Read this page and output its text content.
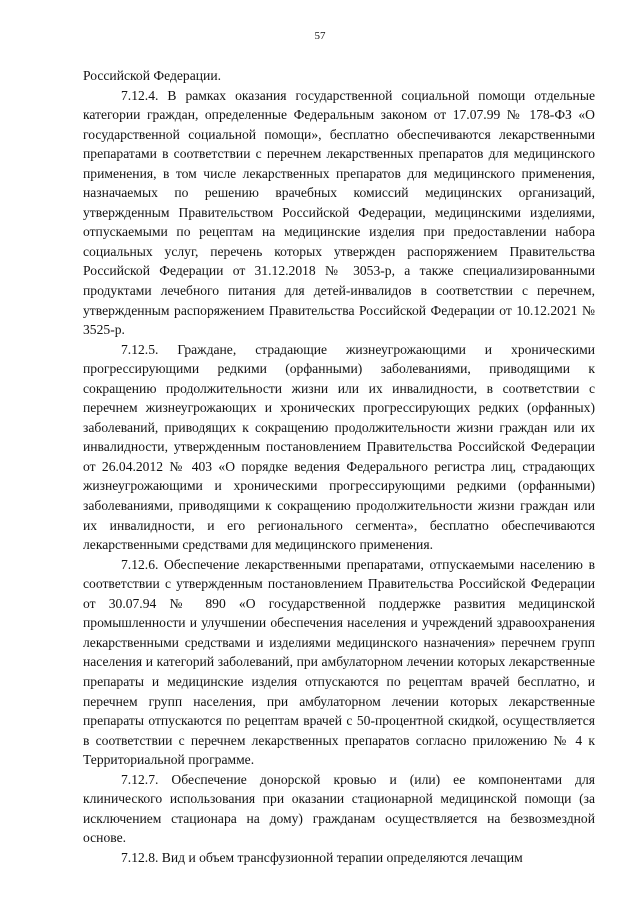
57

Российской Федерации.

7.12.4. В рамках оказания государственной социальной помощи отдельные категории граждан, определенные Федеральным законом от 17.07.99 № 178-ФЗ «О государственной социальной помощи», бесплатно обеспечиваются лекарственными препаратами в соответствии с перечнем лекарственных препаратов для медицинского применения, в том числе лекарственных препаратов для медицинского применения, назначаемых по решению врачебных комиссий медицинских организаций, утвержденным Правительством Российской Федерации, медицинскими изделиями, отпускаемыми по рецептам на медицинские изделия при предоставлении набора социальных услуг, перечень которых утвержден распоряжением Правительства Российской Федерации от 31.12.2018 № 3053-р, а также специализированными продуктами лечебного питания для детей-инвалидов в соответствии с перечнем, утвержденным распоряжением Правительства Российской Федерации от 10.12.2021 № 3525-р.

7.12.5. Граждане, страдающие жизнеугрожающими и хроническими прогрессирующими редкими (орфанными) заболеваниями, приводящими к сокращению продолжительности жизни или их инвалидности, в соответствии с перечнем жизнеугрожающих и хронических прогрессирующих редких (орфанных) заболеваний, приводящих к сокращению продолжительности жизни граждан или их инвалидности, утвержденным постановлением Правительства Российской Федерации от 26.04.2012 № 403 «О порядке ведения Федерального регистра лиц, страдающих жизнеугрожающими и хроническими прогрессирующими редкими (орфанными) заболеваниями, приводящими к сокращению продолжительности жизни граждан или их инвалидности, и его регионального сегмента», бесплатно обеспечиваются лекарственными средствами для медицинского применения.

7.12.6. Обеспечение лекарственными препаратами, отпускаемыми населению в соответствии с утвержденным постановлением Правительства Российской Федерации от 30.07.94 № 890 «О государственной поддержке развития медицинской промышленности и улучшении обеспечения населения и учреждений здравоохранения лекарственными средствами и изделиями медицинского назначения» перечнем групп населения и категорий заболеваний, при амбулаторном лечении которых лекарственные препараты и медицинские изделия отпускаются по рецептам врачей бесплатно, и перечнем групп населения, при амбулаторном лечении которых лекарственные препараты отпускаются по рецептам врачей с 50-процентной скидкой, осуществляется в соответствии с перечнем лекарственных препаратов согласно приложению № 4 к Территориальной программе.

7.12.7. Обеспечение донорской кровью и (или) ее компонентами для клинического использования при оказании стационарной медицинской помощи (за исключением стационара на дому) гражданам осуществляется на безвозмездной основе.

7.12.8. Вид и объем трансфузионной терапии определяются лечащим
